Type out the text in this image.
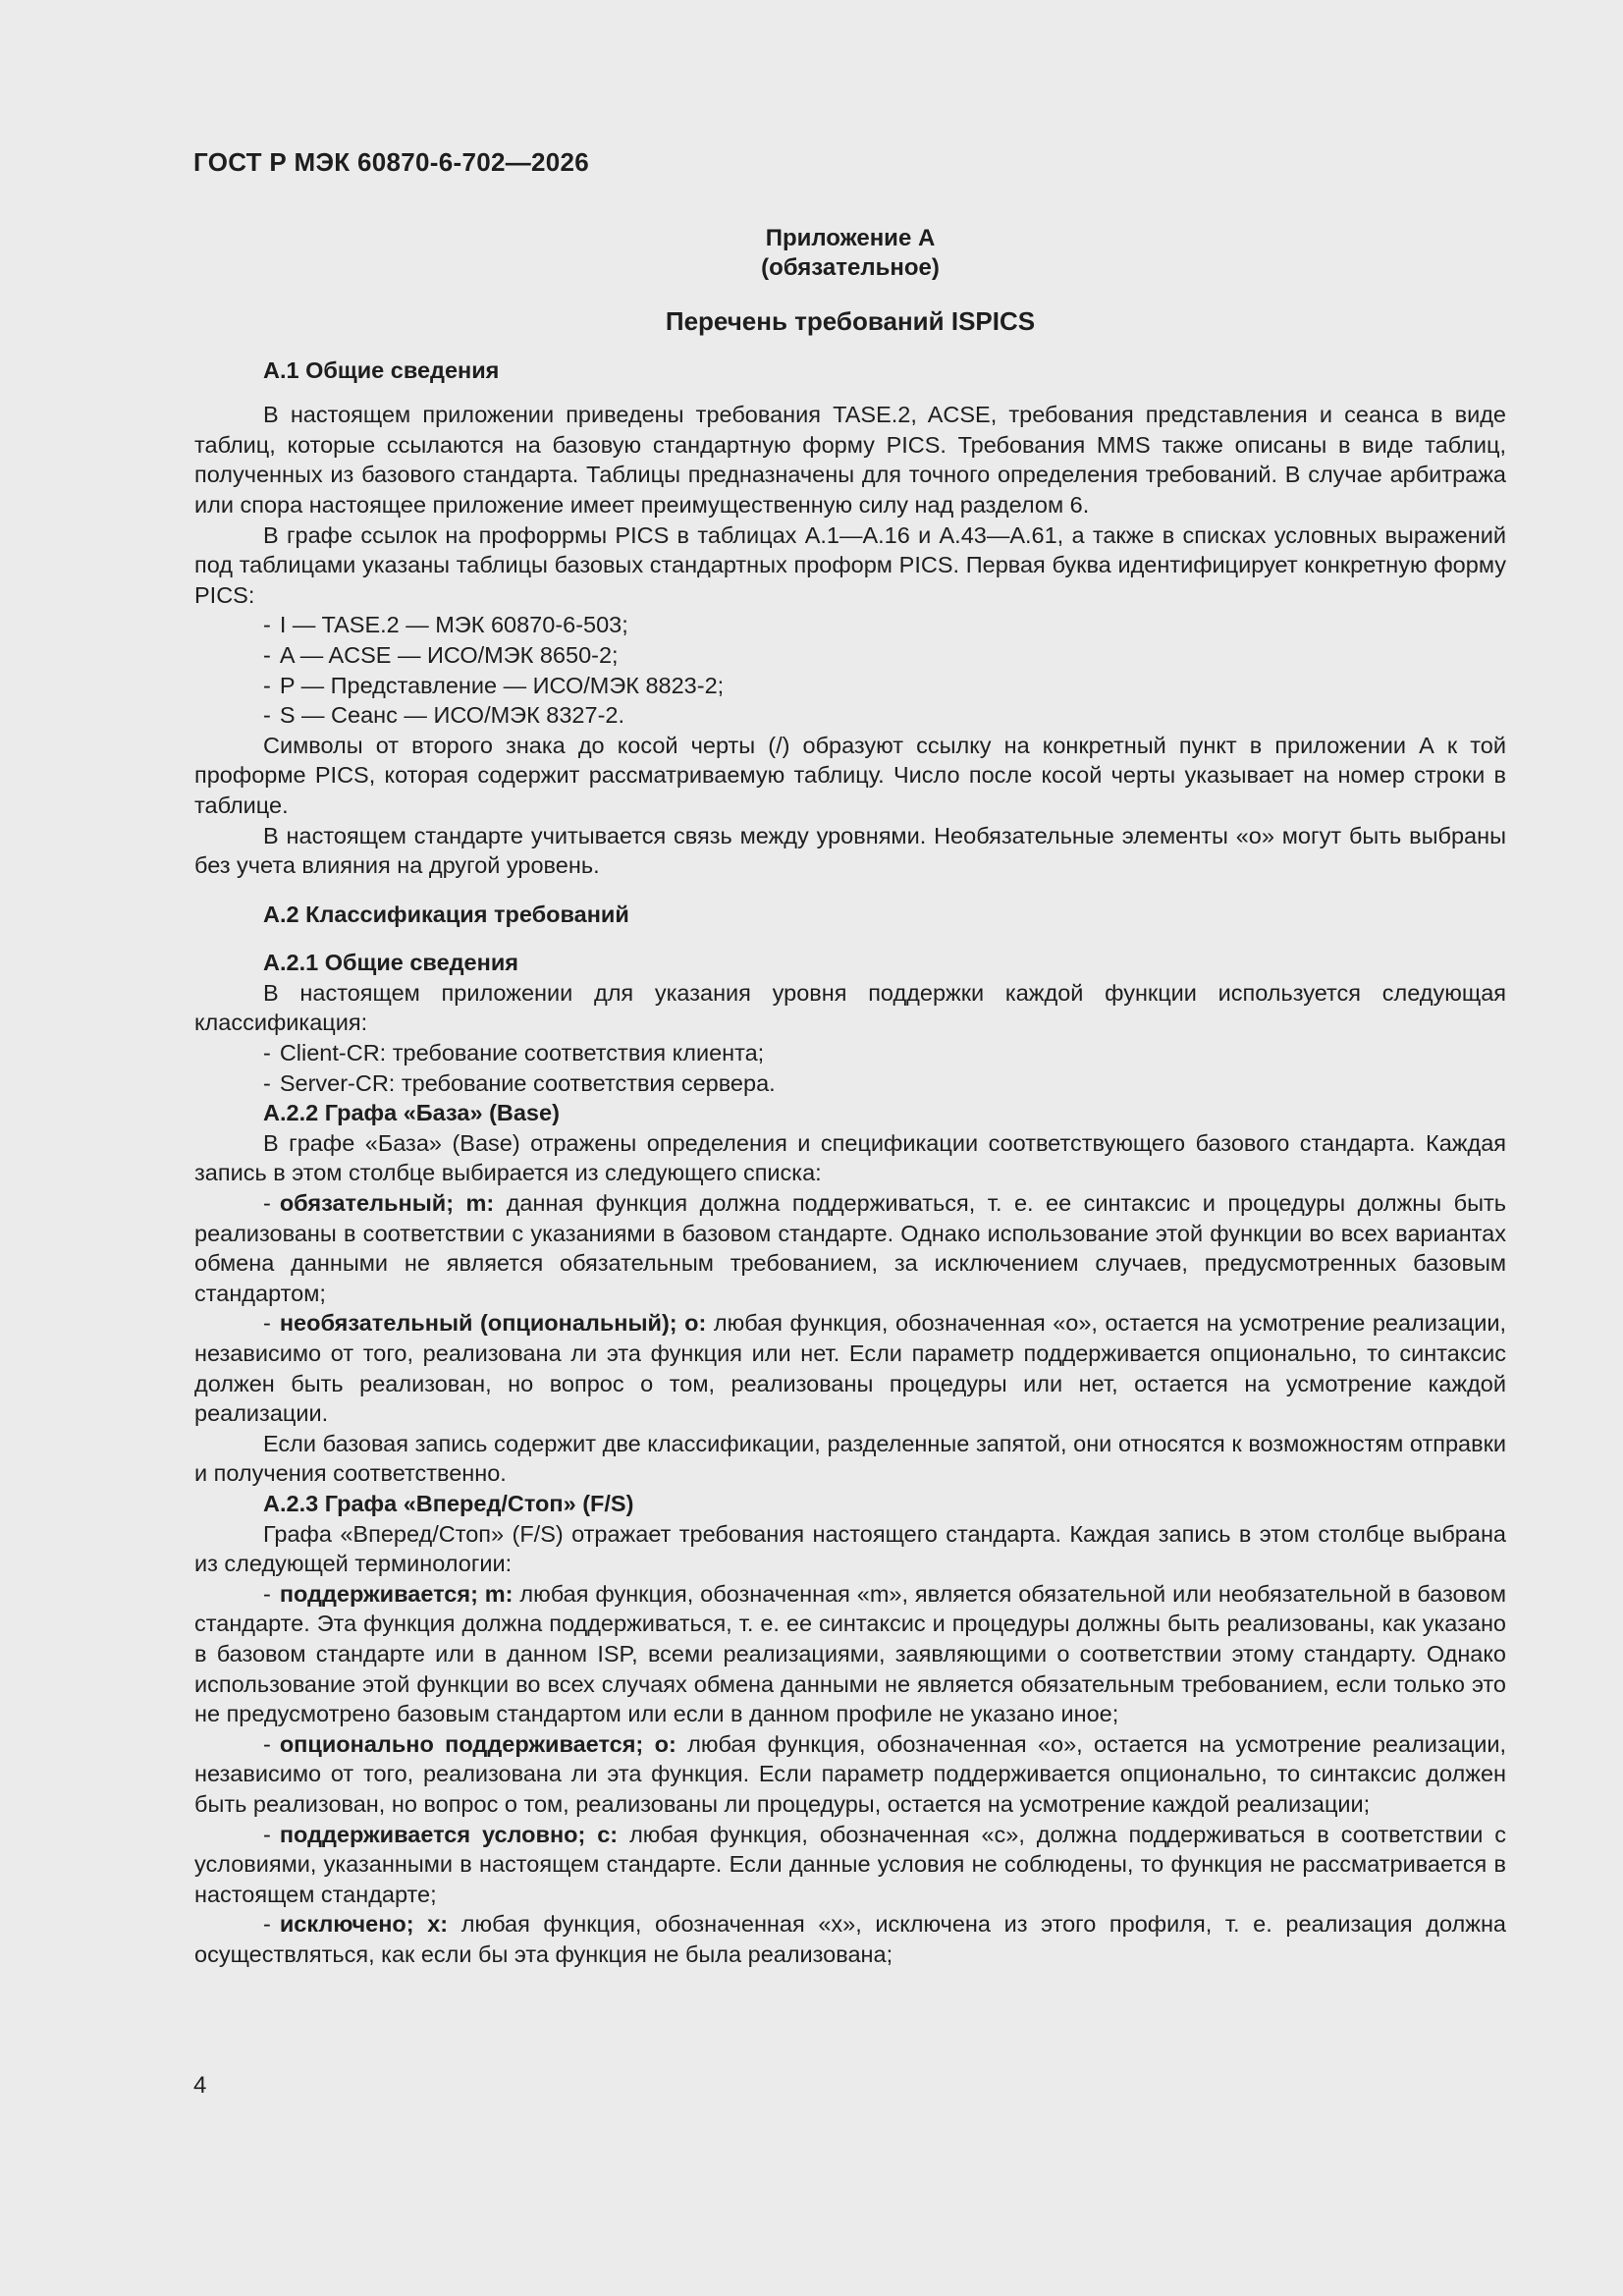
ГОСТ Р МЭК 60870-6-702—2026

Приложение А

(обязательное)

Перечень требований ISPICS

А.1 Общие сведения

В настоящем приложении приведены требования TASE.2, ACSE, требования представления и сеанса в виде таблиц, которые ссылаются на базовую стандартную форму PICS. Требования MMS также описаны в виде таблиц, полученных из базового стандарта. Таблицы предназначены для точного определения требований. В случае арбитража или спора настоящее приложение имеет преимущественную силу над разделом 6.

В графе ссылок на профоррмы PICS в таблицах А.1—А.16 и А.43—А.61, а также в списках условных выражений под таблицами указаны таблицы базовых стандартных проформ PICS. Первая буква идентифицирует конкретную форму PICS:

- I — TASE.2 — МЭК 60870-6-503;

- A — ACSE — ИСО/МЭК 8650-2;

- P — Представление — ИСО/МЭК 8823-2;

- S — Сеанс — ИСО/МЭК 8327-2.

Символы от второго знака до косой черты (/) образуют ссылку на конкретный пункт в приложении А к той проформе PICS, которая содержит рассматриваемую таблицу. Число после косой черты указывает на номер строки в таблице.

В настоящем стандарте учитывается связь между уровнями. Необязательные элементы «о» могут быть выбраны без учета влияния на другой уровень.

А.2 Классификация требований

А.2.1 Общие сведения

В настоящем приложении для указания уровня поддержки каждой функции используется следующая классификация:

- Client-CR: требование соответствия клиента;

- Server-CR: требование соответствия сервера.

А.2.2 Графа «База» (Base)

В графе «База» (Base) отражены определения и спецификации соответствующего базового стандарта. Каждая запись в этом столбце выбирается из следующего списка:

- обязательный; m: данная функция должна поддерживаться, т. е. ее синтаксис и процедуры должны быть реализованы в соответствии с указаниями в базовом стандарте. Однако использование этой функции во всех вариантах обмена данными не является обязательным требованием, за исключением случаев, предусмотренных базовым стандартом;

- необязательный (опциональный); о: любая функция, обозначенная «о», остается на усмотрение реализации, независимо от того, реализована ли эта функция или нет. Если параметр поддерживается опционально, то синтаксис должен быть реализован, но вопрос о том, реализованы процедуры или нет, остается на усмотрение каждой реализации.

Если базовая запись содержит две классификации, разделенные запятой, они относятся к возможностям отправки и получения соответственно.

А.2.3 Графа «Вперед/Стоп» (F/S)

Графа «Вперед/Стоп» (F/S) отражает требования настоящего стандарта. Каждая запись в этом столбце выбрана из следующей терминологии:

- поддерживается; m: любая функция, обозначенная «m», является обязательной или необязательной в базовом стандарте. Эта функция должна поддерживаться, т. е. ее синтаксис и процедуры должны быть реализованы, как указано в базовом стандарте или в данном ISP, всеми реализациями, заявляющими о соответствии этому стандарту. Однако использование этой функции во всех случаях обмена данными не является обязательным требованием, если только это не предусмотрено базовым стандартом или если в данном профиле не указано иное;

- опционально поддерживается; о: любая функция, обозначенная «о», остается на усмотрение реализации, независимо от того, реализована ли эта функция. Если параметр поддерживается опционально, то синтаксис должен быть реализован, но вопрос о том, реализованы ли процедуры, остается на усмотрение каждой реализации;

- поддерживается условно; с: любая функция, обозначенная «с», должна поддерживаться в соответствии с условиями, указанными в настоящем стандарте. Если данные условия не соблюдены, то функция не рассматривается в настоящем стандарте;

- исключено; х: любая функция, обозначенная «х», исключена из этого профиля, т. е. реализация должна осуществляться, как если бы эта функция не была реализована;

4
